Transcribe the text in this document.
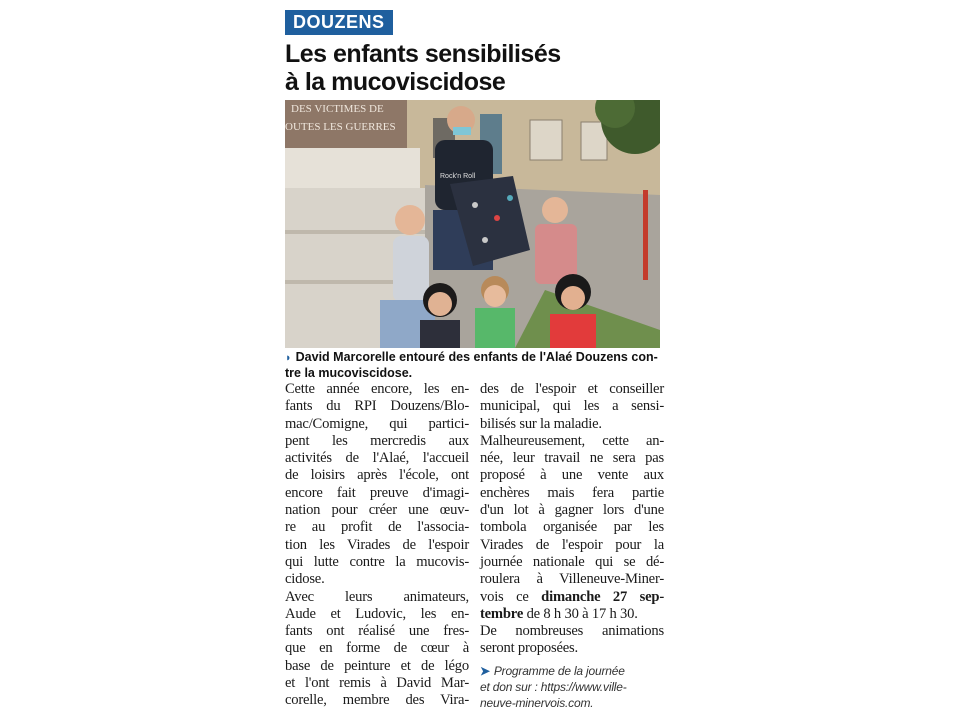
DOUZENS
Les enfants sensibilisés
à la mucoviscidose
DES VICTIMES DE
OUTES LES GUERRES
Rock'n Roll
◗ David Marcorelle entouré des enfants de l'Alaé Douzens con-
tre la mucoviscidose.
Cette année encore, les en-
fants du RPI Douzens/Blo-
mac/Comigne, qui partici-
pent les mercredis aux
activités de l'Alaé, l'accueil
de loisirs après l'école, ont
encore fait preuve d'imagi-
nation pour créer une œuv-
re au profit de l'associa-
tion les Virades de l'espoir
qui lutte contre la mucovis-
cidose.
Avec leurs animateurs,
Aude et Ludovic, les en-
fants ont réalisé une fres-
que en forme de cœur à
base de peinture et de légo
et l'ont remis à David Mar-
corelle, membre des Vira-
des de l'espoir et conseiller
municipal, qui les a sensi-
bilisés sur la maladie.
Malheureusement, cette an-
née, leur travail ne sera pas
proposé à une vente aux
enchères mais fera partie
d'un lot à gagner lors d'une
tombola organisée par les
Virades de l'espoir pour la
journée nationale qui se dé-
roulera à Villeneuve-Miner-
vois ce dimanche 27 sep-
tembre de 8 h 30 à 17 h 30.
De nombreuses animations
seront proposées.
➤ Programme de la journée
et don sur : https://www.ville-
neuve-minervois.com.
